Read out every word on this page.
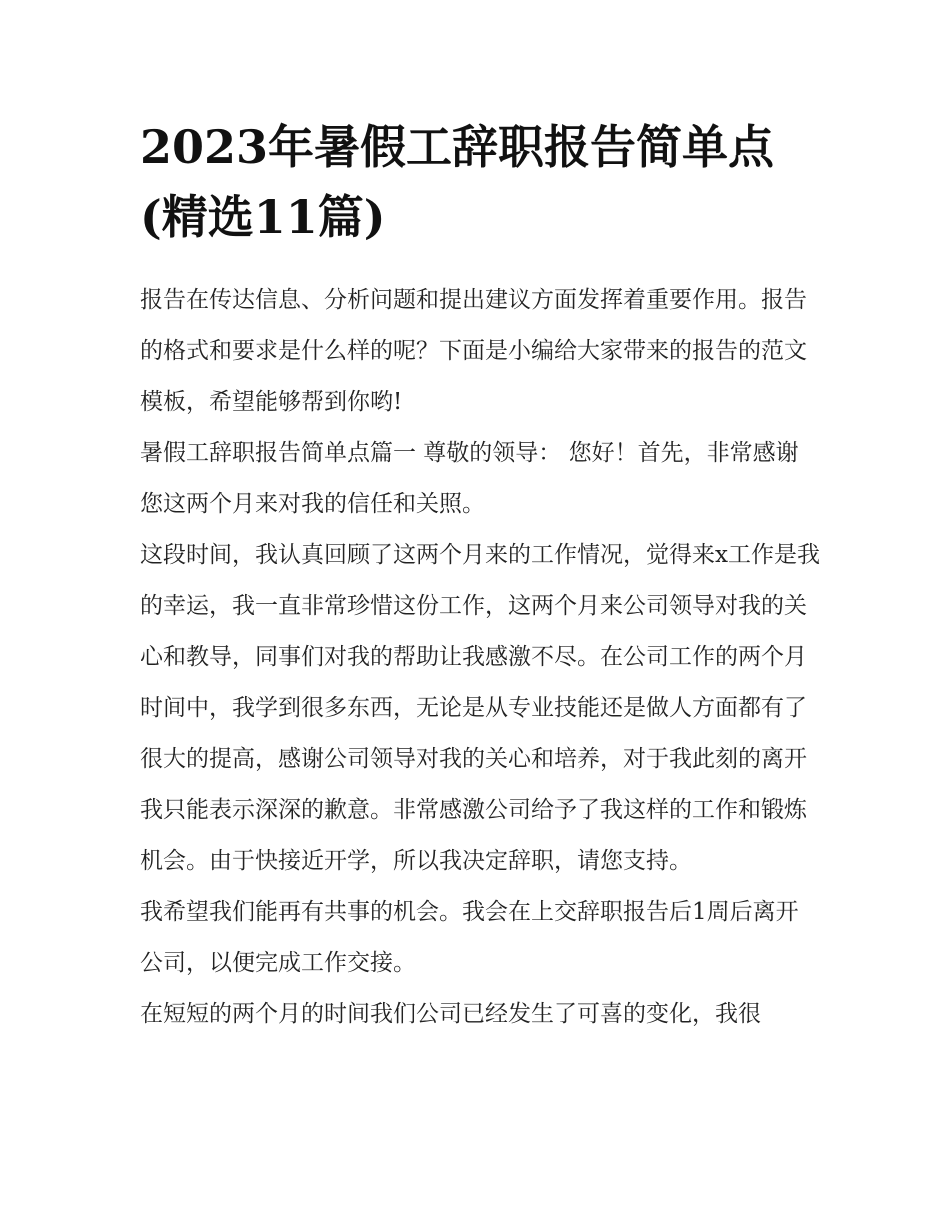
2023年暑假工辞职报告简单点(精选11篇)

报告在传达信息、分析问题和提出建议方面发挥着重要作用。报告的格式和要求是什么样的呢？下面是小编给大家带来的报告的范文模板，希望能够帮到你哟!

暑假工辞职报告简单点篇一 尊敬的领导： 您好！首先，非常感谢您这两个月来对我的信任和关照。

这段时间，我认真回顾了这两个月来的工作情况，觉得来x工作是我的幸运，我一直非常珍惜这份工作，这两个月来公司领导对我的关心和教导，同事们对我的帮助让我感激不尽。在公司工作的两个月时间中，我学到很多东西，无论是从专业技能还是做人方面都有了很大的提高，感谢公司领导对我的关心和培养，对于我此刻的离开我只能表示深深的歉意。非常感激公司给予了我这样的工作和锻炼机会。由于快接近开学，所以我决定辞职，请您支持。

我希望我们能再有共事的机会。我会在上交辞职报告后1周后离开公司，以便完成工作交接。

在短短的两个月的时间我们公司已经发生了可喜的变化，我很
